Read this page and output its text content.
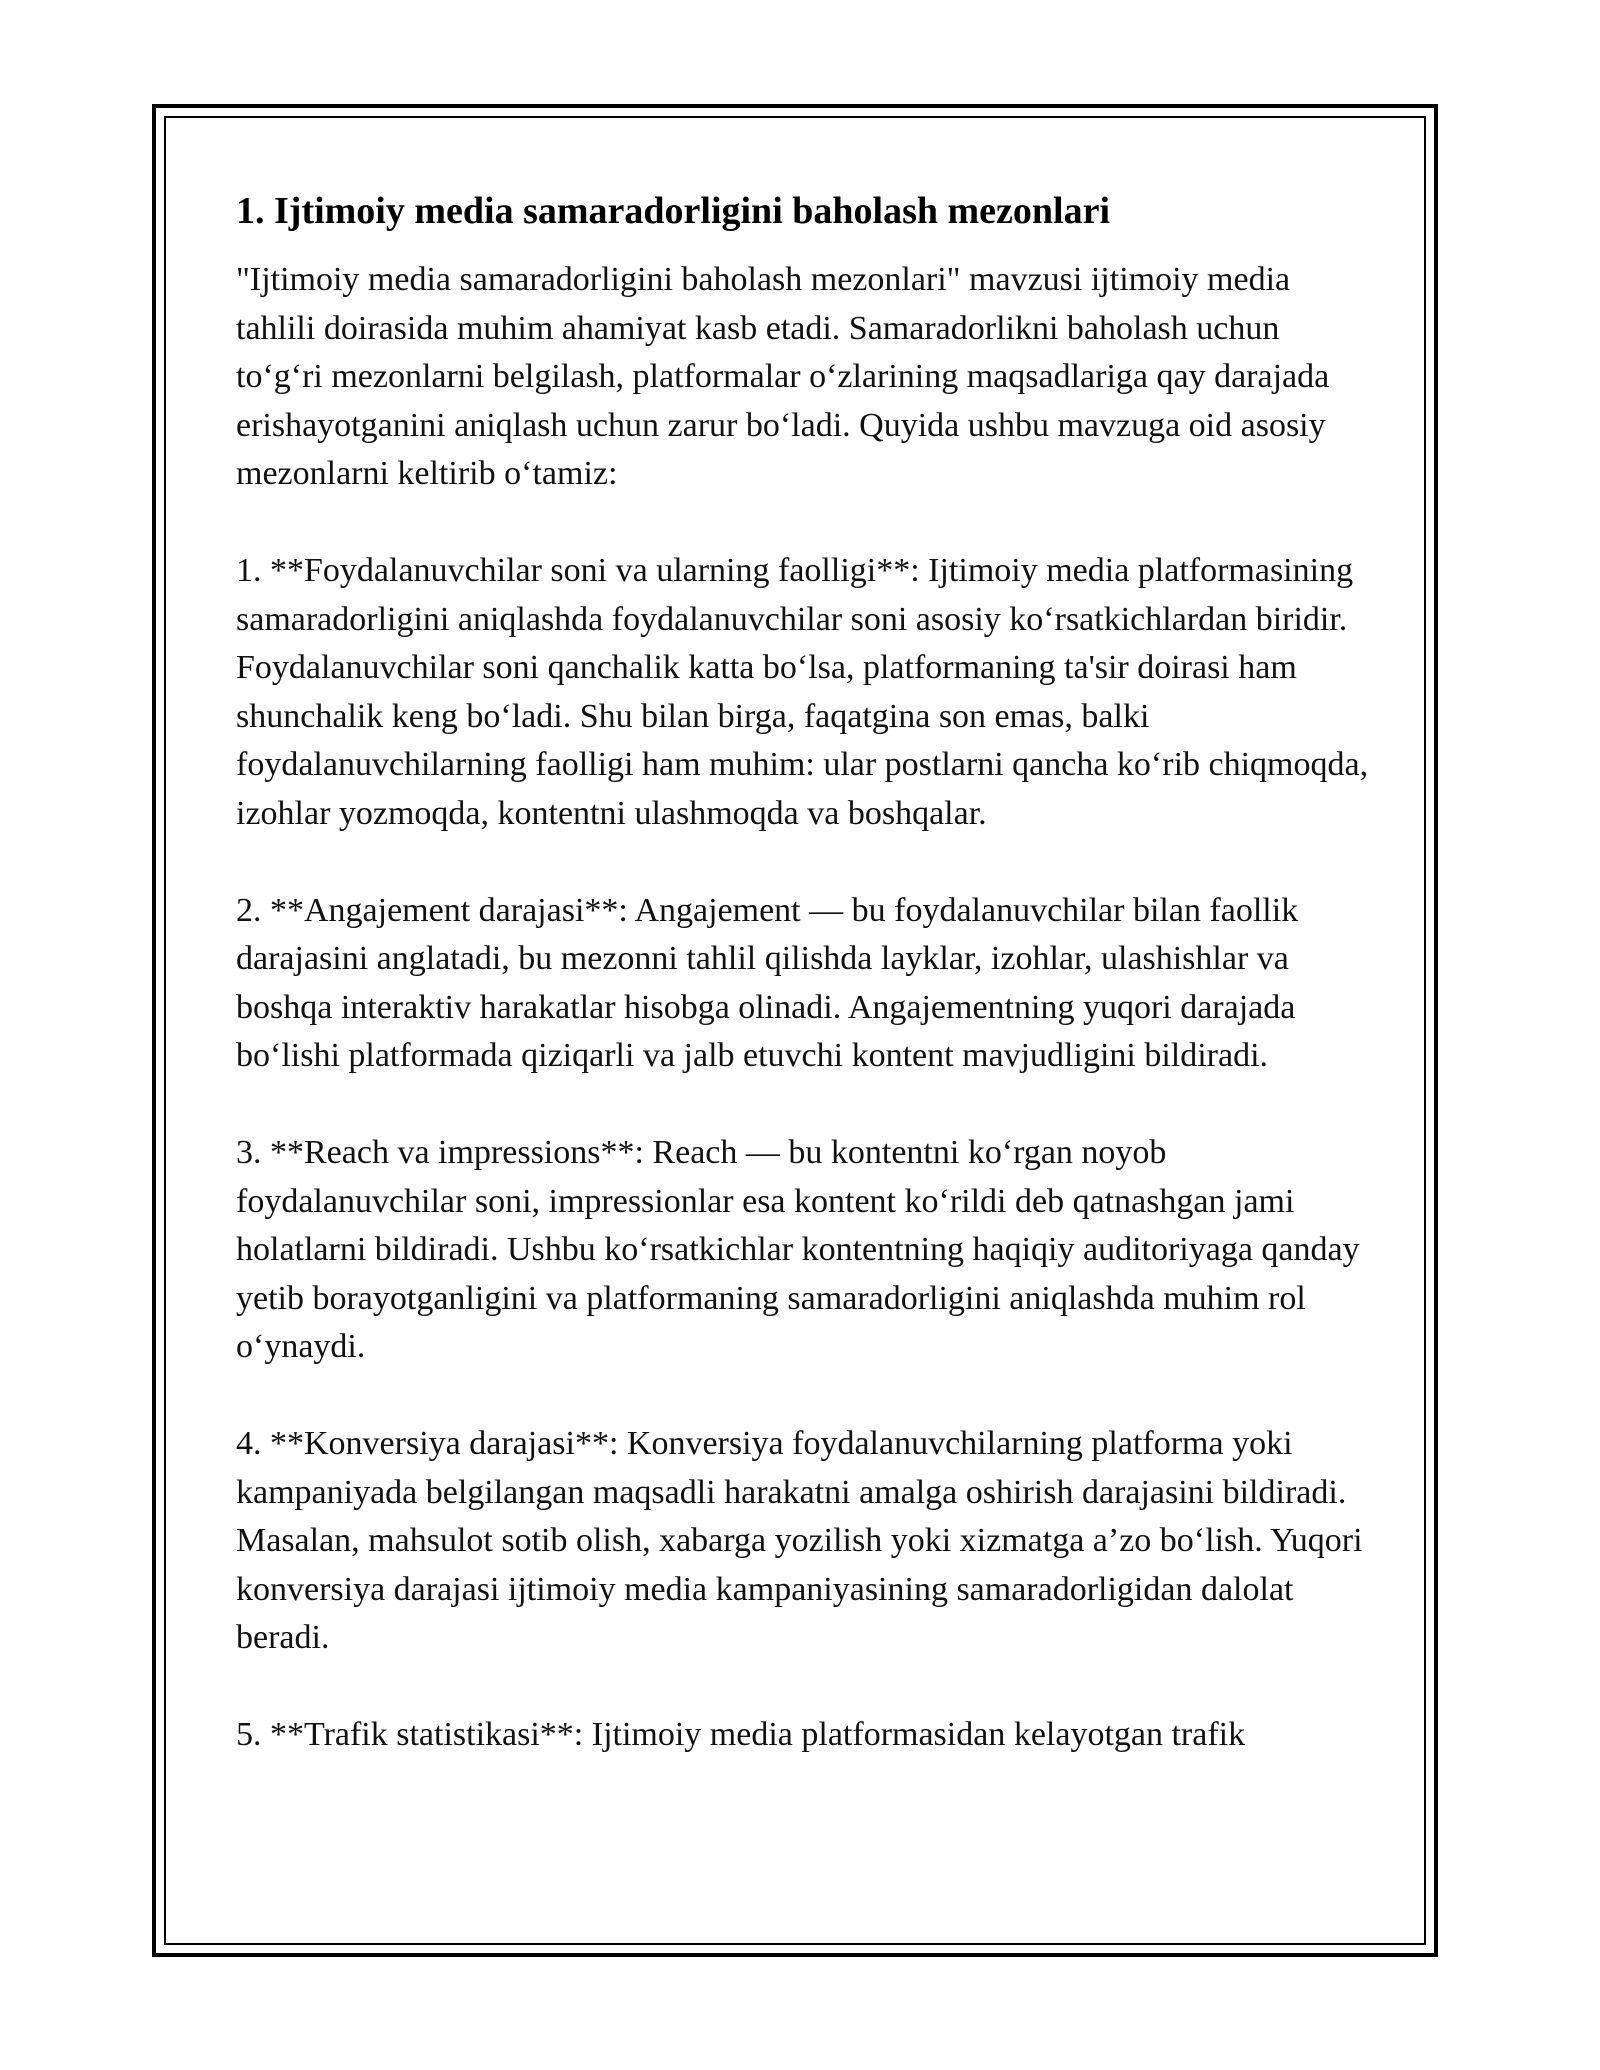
1. Ijtimoiy media samaradorligini baholash mezonlari

"Ijtimoiy media samaradorligini baholash mezonlari" mavzusi ijtimoiy media tahlili doirasida muhim ahamiyat kasb etadi. Samaradorlikni baholash uchun to‘g‘ri mezonlarni belgilash, platformalar o‘zlarining maqsadlariga qay darajada erishayotganini aniqlash uchun zarur bo‘ladi. Quyida ushbu mavzuga oid asosiy mezonlarni keltirib o‘tamiz:

1. **Foydalanuvchilar soni va ularning faolligi**: Ijtimoiy media platformasining samaradorligini aniqlashda foydalanuvchilar soni asosiy ko‘rsatkichlardan biridir. Foydalanuvchilar soni qanchalik katta bo‘lsa, platformaning ta'sir doirasi ham shunchalik keng bo‘ladi. Shu bilan birga, faqatgina son emas, balki foydalanuvchilarning faolligi ham muhim: ular postlarni qancha ko‘rib chiqmoqda, izohlar yozmoqda, kontentni ulashmoqda va boshqalar.

2. **Angajement darajasi**: Angajement — bu foydalanuvchilar bilan faollik darajasini anglatadi, bu mezonni tahlil qilishda layklar, izohlar, ulashishlar va boshqa interaktiv harakatlar hisobga olinadi. Angajementning yuqori darajada bo‘lishi platformada qiziqarli va jalb etuvchi kontent mavjudligini bildiradi.

3. **Reach va impressions**: Reach — bu kontentni ko‘rgan noyob foydalanuvchilar soni, impressionlar esa kontent ko‘rildi deb qatnashgan jami holatlarni bildiradi. Ushbu ko‘rsatkichlar kontentning haqiqiy auditoriyaga qanday yetib borayotganligini va platformaning samaradorligini aniqlashda muhim rol o‘ynaydi.

4. **Konversiya darajasi**: Konversiya foydalanuvchilarning platforma yoki kampaniyada belgilangan maqsadli harakatni amalga oshirish darajasini bildiradi. Masalan, mahsulot sotib olish, xabarga yozilish yoki xizmatga a’zo bo‘lish. Yuqori konversiya darajasi ijtimoiy media kampaniyasining samaradorligidan dalolat beradi.

5. **Trafik statistikasi**: Ijtimoiy media platformasidan kelayotgan trafik
